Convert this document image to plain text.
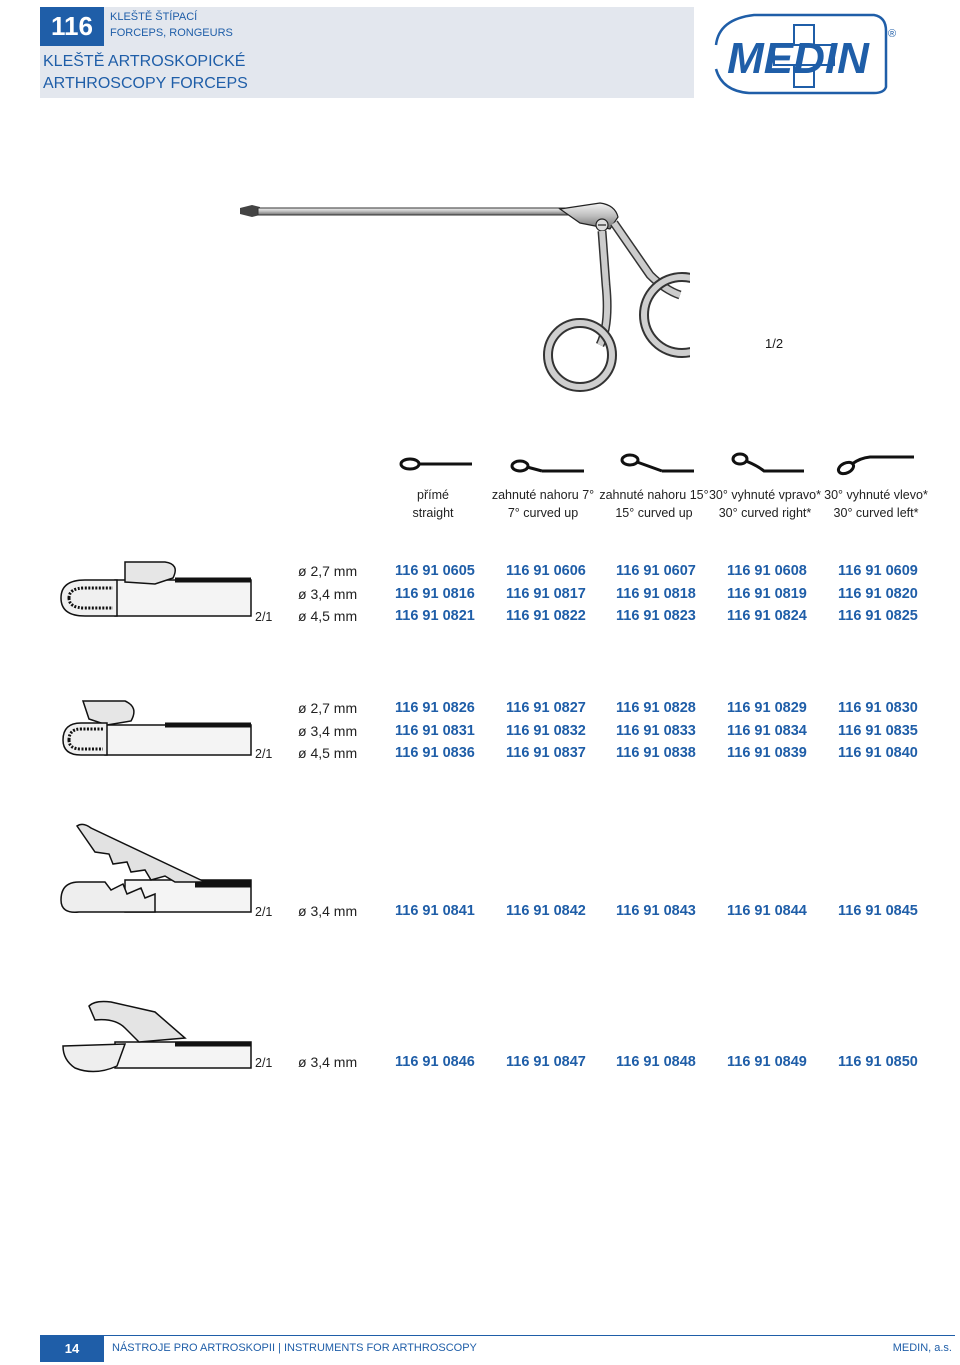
116	KLEŠTĚ ŠTÍPACÍ
FORCEPS, RONGEURS
KLEŠTĚ ARTROSKOPICKÉ
ARTHROSCOPY FORCEPS
MEDIN ®
1/2
přímé
straight
zahnuté nahoru 7°
7° curved up
zahnuté nahoru 15°
15° curved up
30° vyhnuté vpravo*
30° curved right*
30° vyhnuté vlevo*
30° curved left*
2/1
ø 2,7 mm
ø 3,4 mm
ø 4,5 mm
116 91 0605 116 91 0606 116 91 0607 116 91 0608 116 91 0609
116 91 0816 116 91 0817 116 91 0818 116 91 0819 116 91 0820
116 91 0821 116 91 0822 116 91 0823 116 91 0824 116 91 0825
2/1
ø 2,7 mm
ø 3,4 mm
ø 4,5 mm
116 91 0826 116 91 0827 116 91 0828 116 91 0829 116 91 0830
116 91 0831 116 91 0832 116 91 0833 116 91 0834 116 91 0835
116 91 0836 116 91 0837 116 91 0838 116 91 0839 116 91 0840
2/1 ø 3,4 mm	116 91 0841 116 91 0842 116 91 0843 116 91 0844 116 91 0845
2/1 ø 3,4 mm	116 91 0846 116 91 0847 116 91 0848 116 91 0849 116 91 0850
14	NÁSTROJE PRO ARTROSKOPII | INSTRUMENTS FOR ARTHROSCOPY	MEDIN, a.s.
